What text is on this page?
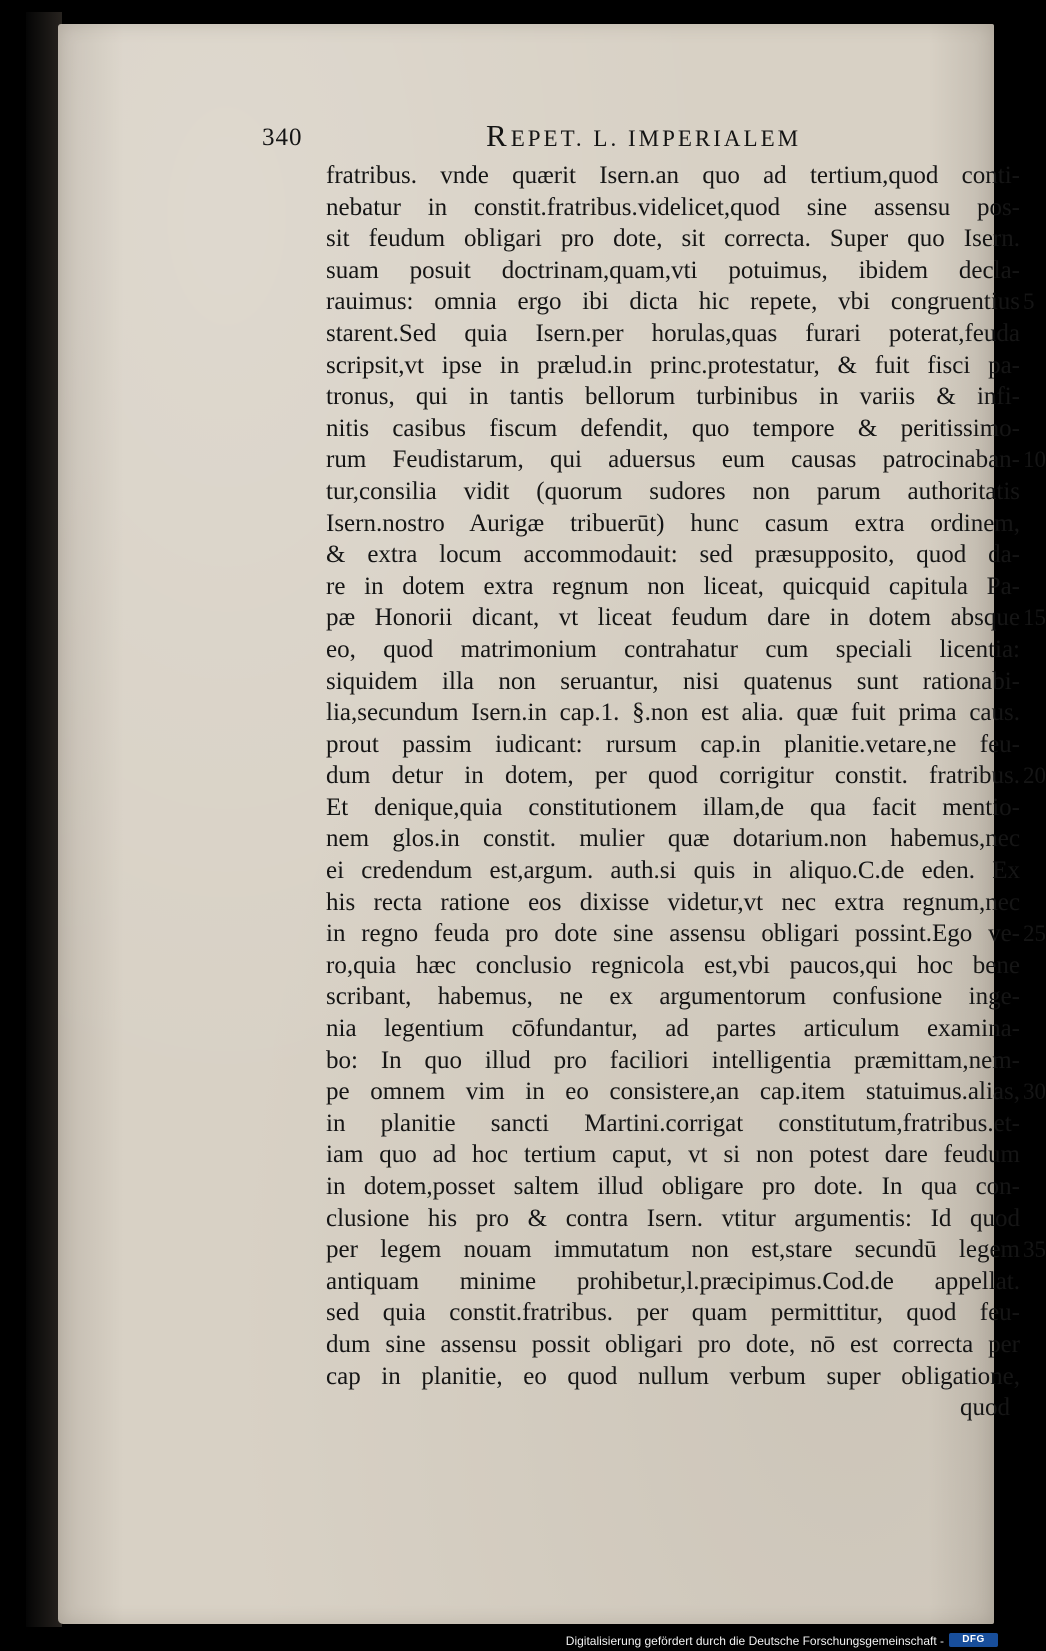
340	REPET. L. IMPERIALEM
fratribus. vnde quærit Isern.an quo ad tertium,quod conti-
nebatur in constit.fratribus.videlicet,quod sine assensu pos-
sit feudum obligari pro dote, sit correcta. Super quo Isern.
suam posuit doctrinam,quam,vti potuimus, ibidem decla-
rauimus: omnia ergo ibi dicta hic repete, vbi congruentius
starent.Sed quia Isern.per horulas,quas furari poterat,feuda
scripsit,vt ipse in prælud.in princ.protestatur, & fuit fisci pa-
tronus, qui in tantis bellorum turbinibus in variis & infi-
nitis casibus fiscum defendit, quo tempore & peritissimo-
rum Feudistarum, qui aduersus eum causas patrocinaban-
tur,consilia vidit (quorum sudores non parum authoritatis
Isern.nostro Aurigæ tribuerūt) hunc casum extra ordinem,
& extra locum accommodauit: sed præsupposito, quod da-
re in dotem extra regnum non liceat, quicquid capitula Pa-
pæ Honorii dicant, vt liceat feudum dare in dotem absque
eo, quod matrimonium contrahatur cum speciali licentia:
siquidem illa non seruantur, nisi quatenus sunt rationabi-
lia,secundum Isern.in cap.1. §.non est alia. quæ fuit prima caus.
prout passim iudicant: rursum cap.in planitie.vetare,ne feu-
dum detur in dotem, per quod corrigitur constit. fratribus.
Et denique,quia constitutionem illam,de qua facit mentio-
nem glos.in constit. mulier quæ dotarium.non habemus,nec
ei credendum est,argum. auth.si quis in aliquo.C.de eden. Ex
his recta ratione eos dixisse videtur,vt nec extra regnum,nec
in regno feuda pro dote sine assensu obligari possint.Ego ve-
ro,quia hæc conclusio regnicola est,vbi paucos,qui hoc bene
scribant, habemus, ne ex argumentorum confusione inge-
nia legentium cōfundantur, ad partes articulum examina-
bo: In quo illud pro faciliori intelligentia præmittam,nem-
pe omnem vim in eo consistere,an cap.item statuimus.alias,
in planitie sancti Martini.corrigat constitutum,fratribus.et-
iam quo ad hoc tertium caput, vt si non potest dare feudum
in dotem,posset saltem illud obligare pro dote. In qua con-
clusione his pro & contra Isern. vtitur argumentis: Id quod
per legem nouam immutatum non est,stare secundū legem
antiquam minime prohibetur,l.præcipimus.Cod.de appellat.
sed quia constit.fratribus. per quam permittitur, quod feu-
dum sine assensu possit obligari pro dote, nō est correcta per
cap in planitie, eo quod nullum verbum super obligatione,
quod
5
10
15
20
25
30
35
Digitalisierung gefördert durch die Deutsche Forschungsgemeinschaft -	DFG
